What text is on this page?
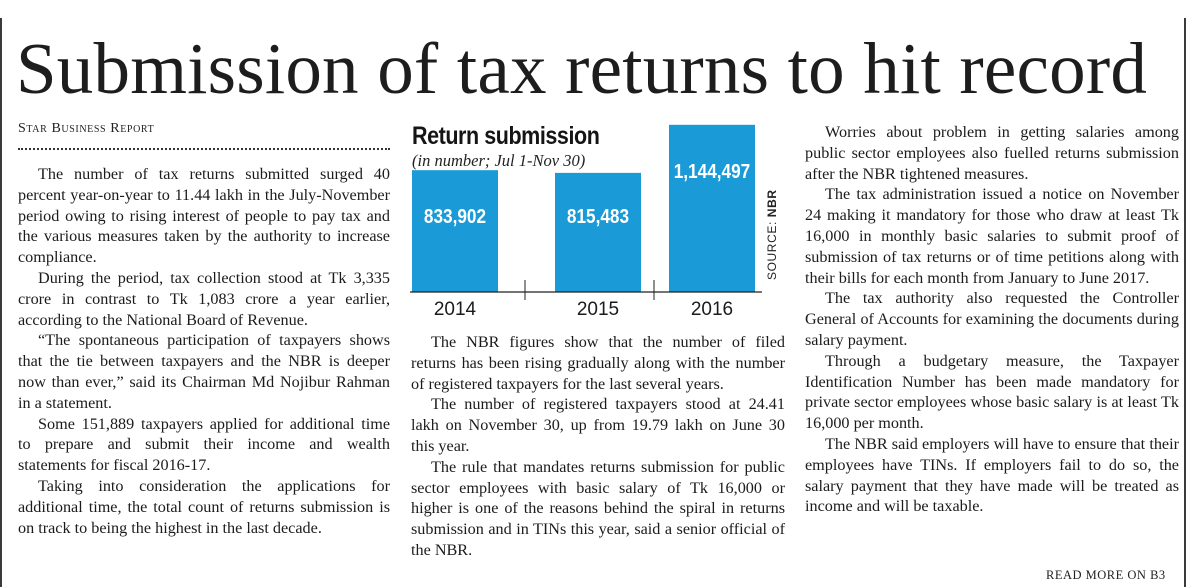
Submission of tax returns to hit record
Star Business Report

The number of tax returns submitted surged 40 percent year-on-year to 11.44 lakh in the July-November period owing to rising interest of people to pay tax and the various measures taken by the authority to increase compliance.

During the period, tax collection stood at Tk 3,335 crore in contrast to Tk 1,083 crore a year earlier, according to the National Board of Revenue.

“The spontaneous participation of taxpayers shows that the tie between taxpayers and the NBR is deeper now than ever,” said its Chairman Md Nojibur Rahman in a statement.

Some 151,889 taxpayers applied for additional time to prepare and submit their income and wealth statements for fiscal 2016-17.

Taking into consideration the applications for additional time, the total count of returns submission is on track to being the highest in the last decade.

Return submission
(in number; Jul 1-Nov 30)
833,902
2014
815,483
2015
1,144,497
2016
SOURCE: NBR

The NBR figures show that the number of filed returns has been rising gradually along with the number of registered taxpayers for the last several years.

The number of registered taxpayers stood at 24.41 lakh on November 30, up from 19.79 lakh on June 30 this year.

The rule that mandates returns submission for public sector employees with basic salary of Tk 16,000 or higher is one of the reasons behind the spiral in returns submission and in TINs this year, said a senior official of the NBR.

Worries about problem in getting salaries among public sector employees also fuelled returns submission after the NBR tightened measures.

The tax administration issued a notice on November 24 making it mandatory for those who draw at least Tk 16,000 in monthly basic salaries to submit proof of submission of tax returns or of time petitions along with their bills for each month from January to June 2017.

The tax authority also requested the Controller General of Accounts for examining the documents during salary payment.

Through a budgetary measure, the Taxpayer Identification Number has been made mandatory for private sector employees whose basic salary is at least Tk 16,000 per month.

The NBR said employers will have to ensure that their employees have TINs. If employers fail to do so, the salary payment that they have made will be treated as income and will be taxable.

READ MORE ON B3
